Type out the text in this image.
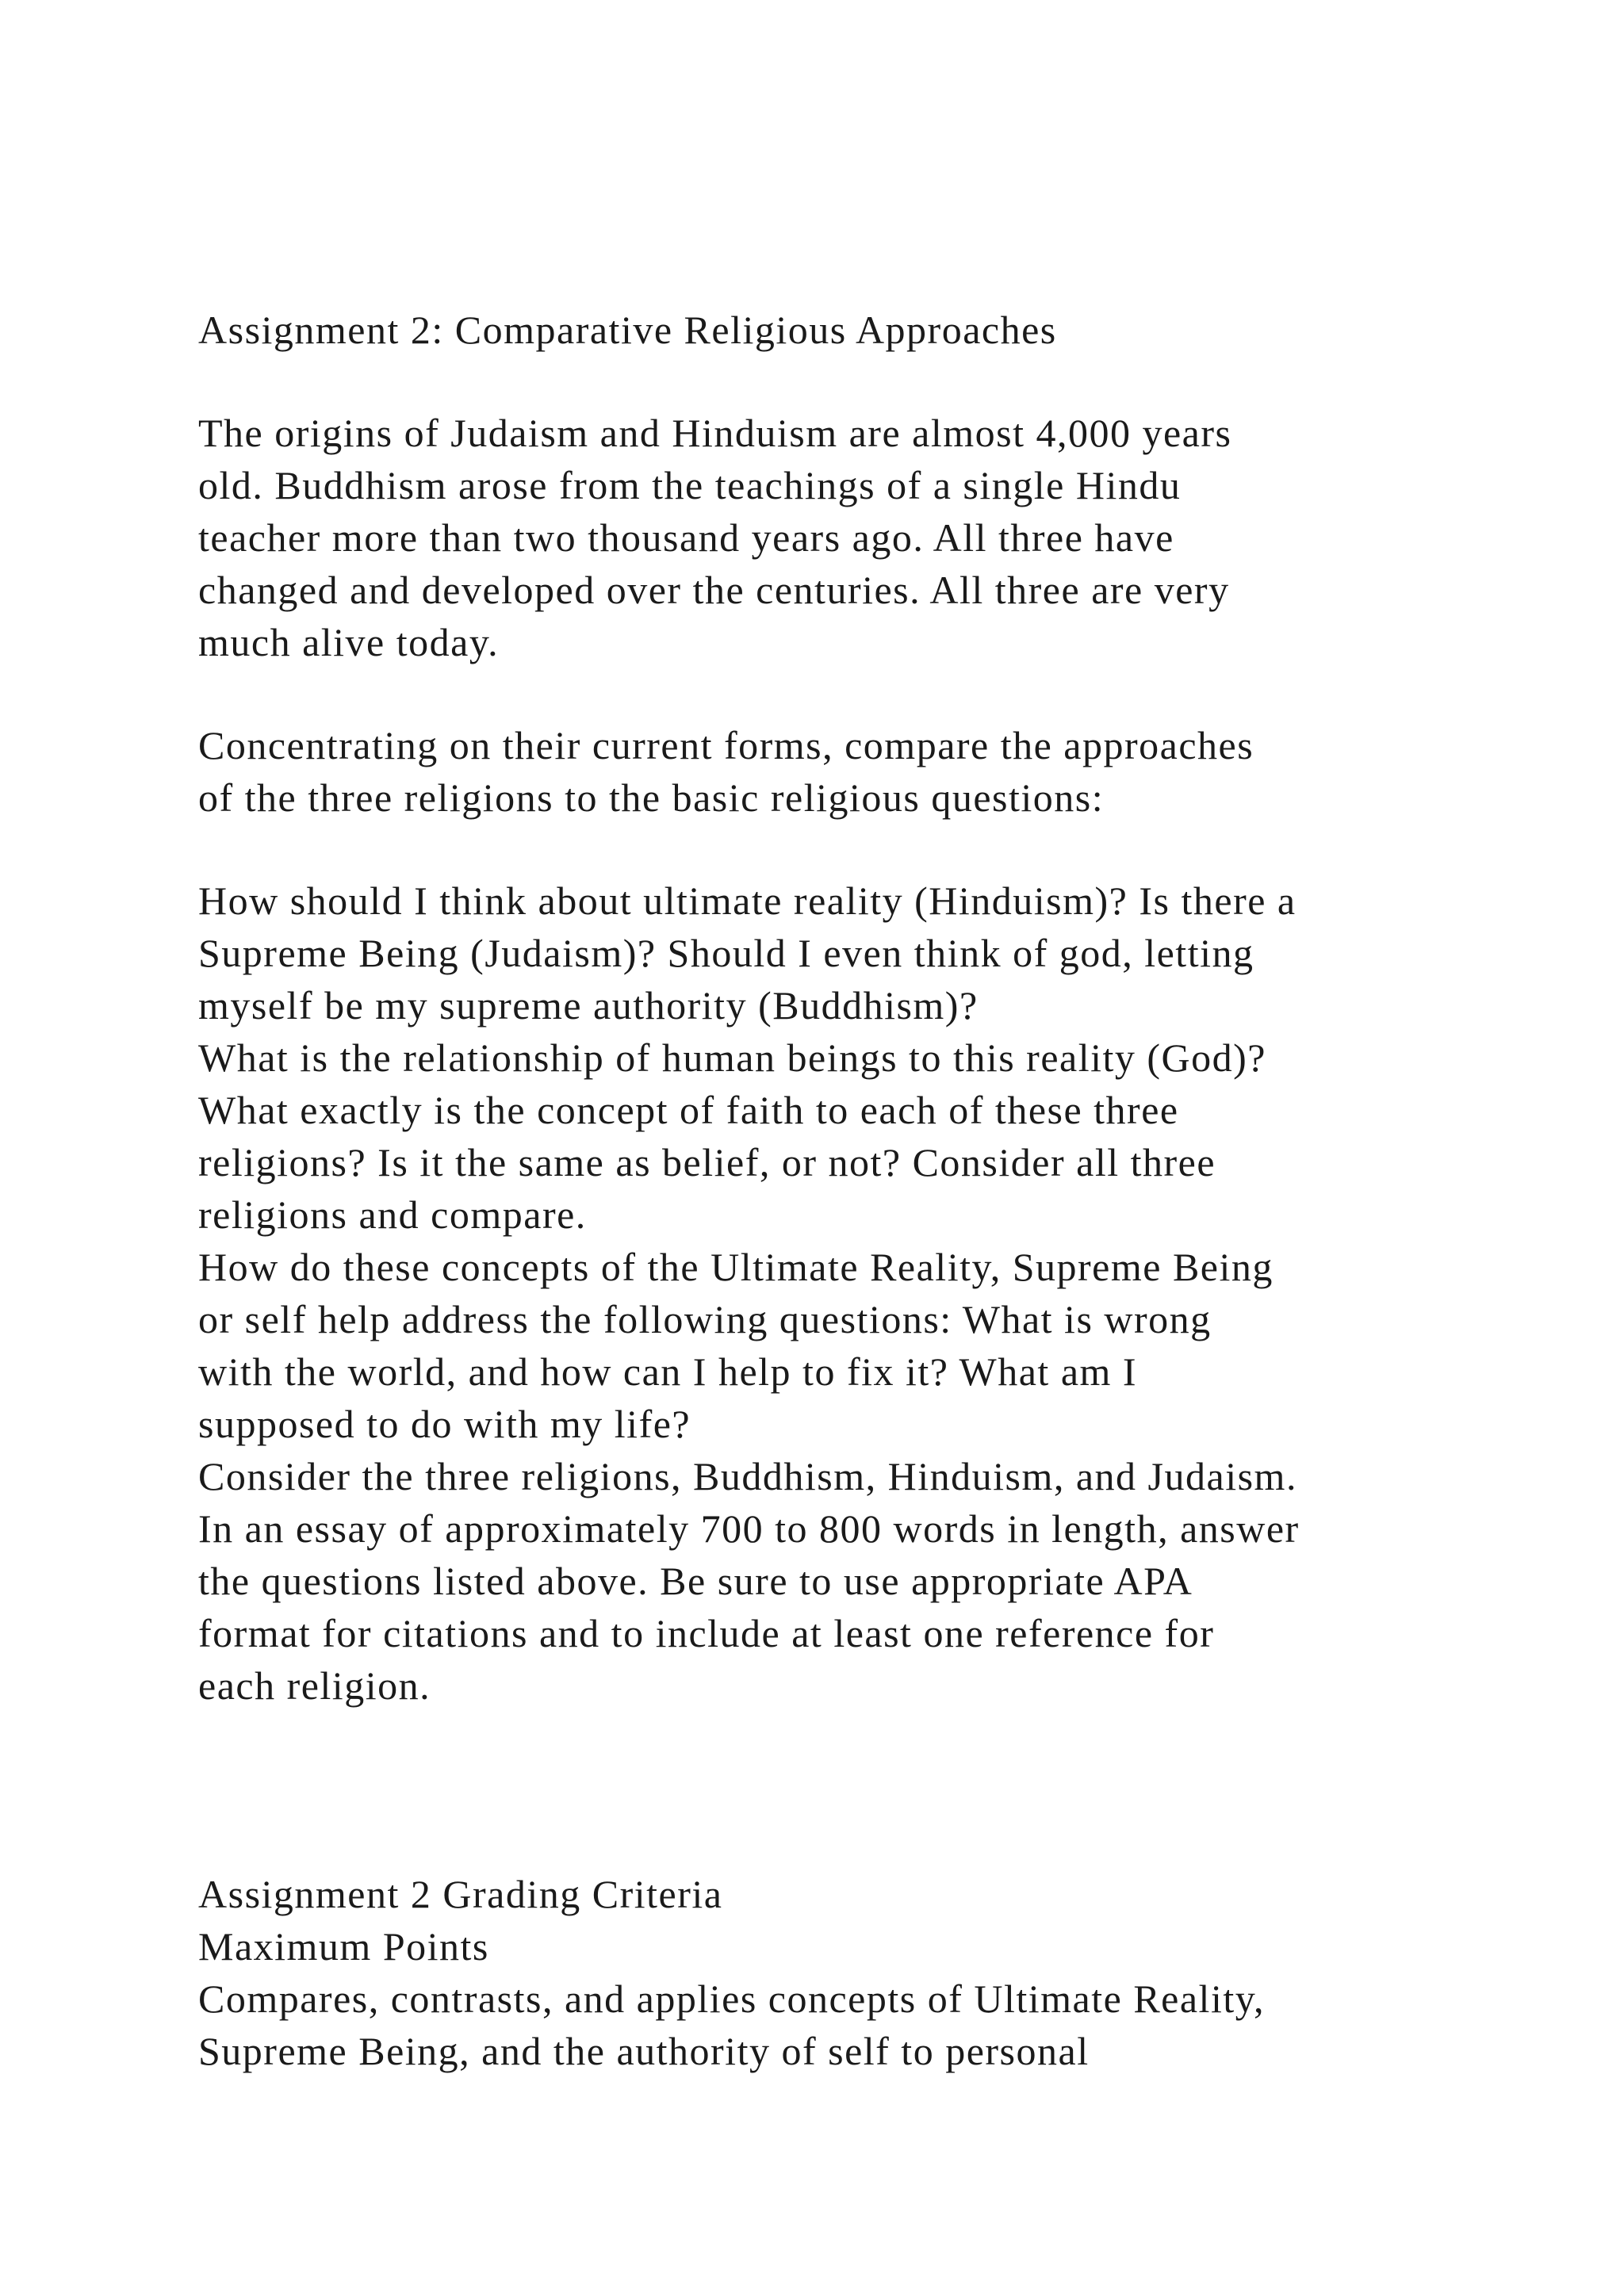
Assignment 2: Comparative Religious Approaches
The origins of Judaism and Hinduism are almost 4,000 years
old. Buddhism arose from the teachings of a single Hindu
teacher more than two thousand years ago. All three have
changed and developed over the centuries. All three are very
much alive today.
Concentrating on their current forms, compare the approaches
of the three religions to the basic religious questions:
How should I think about ultimate reality (Hinduism)? Is there a
Supreme Being (Judaism)? Should I even think of god, letting
myself be my supreme authority (Buddhism)?
What is the relationship of human beings to this reality (God)?
What exactly is the concept of faith to each of these three
religions? Is it the same as belief, or not? Consider all three
religions and compare.
How do these concepts of the Ultimate Reality, Supreme Being
or self help address the following questions: What is wrong
with the world, and how can I help to fix it? What am I
supposed to do with my life?
Consider the three religions, Buddhism, Hinduism, and Judaism.
In an essay of approximately 700 to 800 words in length, answer
the questions listed above. Be sure to use appropriate APA
format for citations and to include at least one reference for
each religion.
Assignment 2 Grading Criteria
Maximum Points
Compares, contrasts, and applies concepts of Ultimate Reality,
Supreme Being, and the authority of self to personal
